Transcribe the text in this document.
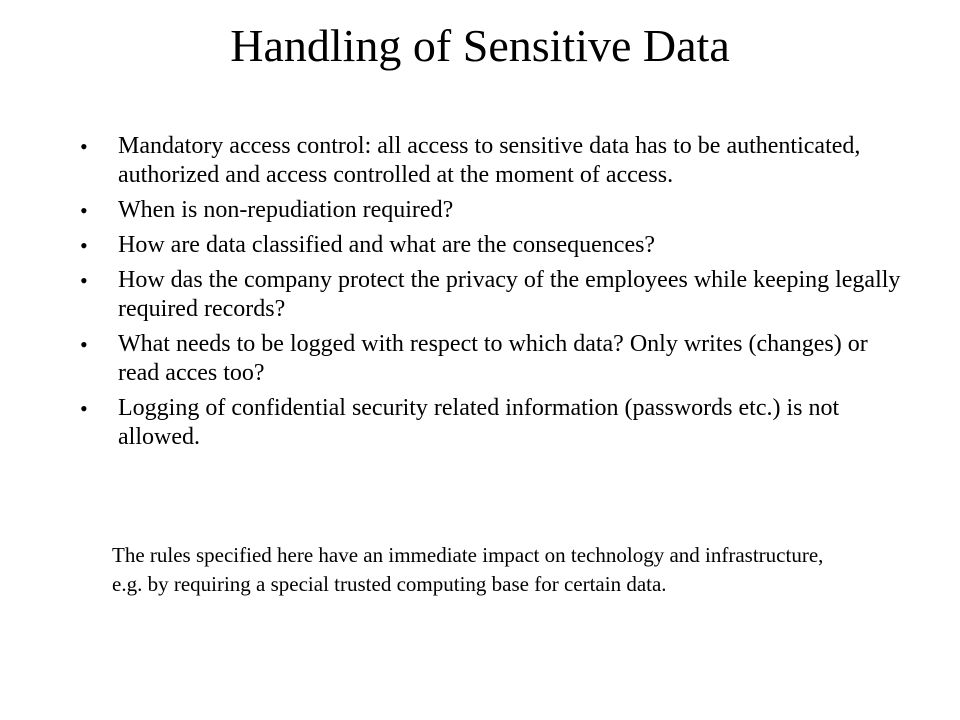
Handling of Sensitive Data
• Mandatory access control: all access to sensitive data has to be authenticated, authorized and access controlled at the moment of access.
• When is non-repudiation required?
• How are data classified and what are the consequences?
• How das the company protect the privacy of the employees while keeping legally required records?
• What needs to be logged with respect to which data? Only writes (changes) or read acces too?
• Logging of confidential security related information (passwords etc.) is not allowed.

The rules specified here have an immediate impact on technology and infrastructure, e.g. by requiring a special trusted computing base for certain data.
